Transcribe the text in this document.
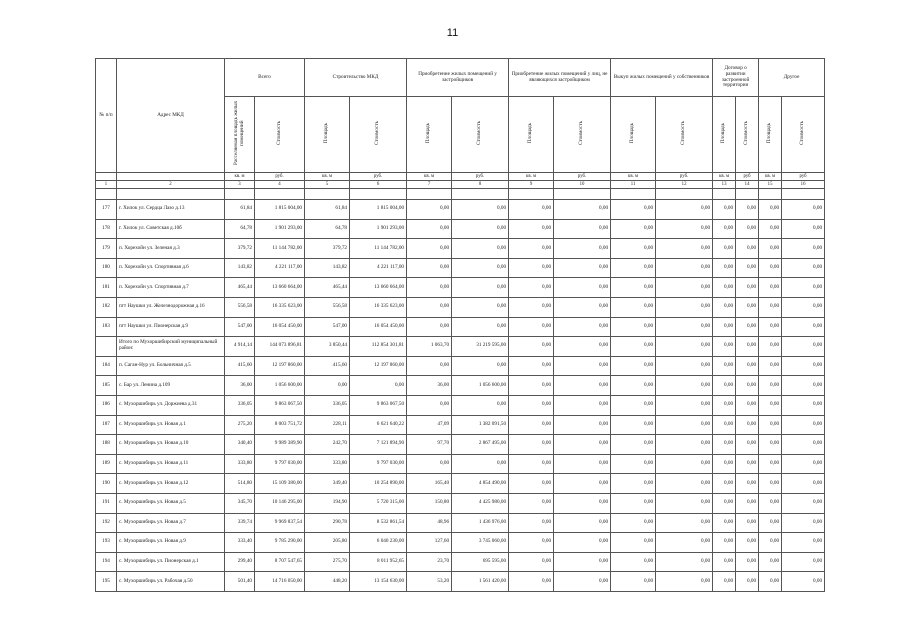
11
№ п/п	Адрес МКД	Всего		Строительство МКД		Приобретение жилых помещений у застройщиков		Приобретение жилых помещений у лиц, не являющихся застройщиком		Выкуп жилых помещений у собственников		Договор о развитии застроенной территории		Другое	
		Расселяемая площадь жилых помещений	Стоимость	Площадь	Стоимость	Площадь	Стоимость	Площадь	Стоимость	Площадь	Стоимость	Площадь	Стоимость	Площадь	Стоимость
		кв. м	руб.	кв. м	руб.	кв. м	руб.	кв. м	руб.	кв. м	руб.	кв. м	руб	кв. м	руб
1	2	3	4	5	6	7	8	9	10	11	12	13	14	15	16

177	г. Хилок ул. Сердца Лазо д.13	61,84	1 815 004,00	61,84	1 815 004,00	0,00	0,00	0,00	0,00	0,00	0,00	0,00	0,00	0,00	0,00
178	г. Хилок ул. Советская д.10б	64,78	1 901 293,00	64,78	1 901 293,00	0,00	0,00	0,00	0,00	0,00	0,00	0,00	0,00	0,00	0,00
179	п. Хорехойн ул. Зеленая д.3	379,72	11 144 782,00	379,72	11 144 782,00	0,00	0,00	0,00	0,00	0,00	0,00	0,00	0,00	0,00	0,00
180	п. Хорехойн ул. Спортивная д.6	143,82	4 221 117,00	143,82	4 221 117,00	0,00	0,00	0,00	0,00	0,00	0,00	0,00	0,00	0,00	0,00
181	п. Хорехойн ул. Спортивная д.7	465,44	13 660 664,00	465,44	13 660 664,00	0,00	0,00	0,00	0,00	0,00	0,00	0,00	0,00	0,00	0,00
182	пгт Наушки ул. Железнодорожная д.16	556,58	16 335 623,00	556,58	16 335 623,00	0,00	0,00	0,00	0,00	0,00	0,00	0,00	0,00	0,00	0,00
183	пгт Наушки ул. Пионерская д.9	547,00	16 054 450,00	547,00	16 054 450,00	0,00	0,00	0,00	0,00	0,00	0,00	0,00	0,00	0,00	0,00
	Итого по Мухоршибирский муниципальный район:	4 914,14	144 073 896,81	3 850,44	112 854 301,81	1 063,70	31 219 595,00	0,00	0,00	0,00	0,00	0,00	0,00	0,00	0,00
184	п. Саган-Нур ул. Больничная д.5	415,60	12 197 860,00	415,60	12 197 860,00	0,00	0,00	0,00	0,00	0,00	0,00	0,00	0,00	0,00	0,00
185	с. Бар ул. Ленина д.109	36,00	1 056 600,00	0,00	0,00	36,00	1 056 600,00	0,00	0,00	0,00	0,00	0,00	0,00	0,00	0,00
186	с. Мухоршибирь ул. Доржиева д.31	336,05	9 863 067,50	336,05	9 863 067,50	0,00	0,00	0,00	0,00	0,00	0,00	0,00	0,00	0,00	0,00
187	с. Мухоршибирь ул. Новая д.1	275,20	8 003 751,72	228,11	6 621 640,22	47,09	1 382 091,50	0,00	0,00	0,00	0,00	0,00	0,00	0,00	0,00
188	с. Мухоршибирь ул. Новая д.10	340,40	9 989 389,90	242,70	7 121 894,90	97,70	2 867 495,00	0,00	0,00	0,00	0,00	0,00	0,00	0,00	0,00
189	с. Мухоршибирь ул. Новая д.11	333,80	9 797 030,00	333,80	9 797 030,00	0,00	0,00	0,00	0,00	0,00	0,00	0,00	0,00	0,00	0,00
190	с. Мухоршибирь ул. Новая д.12	514,80	15 109 380,00	349,40	10 254 890,00	165,40	4 854 490,00	0,00	0,00	0,00	0,00	0,00	0,00	0,00	0,00
191	с. Мухоршибирь ул. Новая д.5	345,70	10 146 295,00	194,90	5 720 315,00	150,80	4 425 980,00	0,00	0,00	0,00	0,00	0,00	0,00	0,00	0,00
192	с. Мухоршибирь ул. Новая д.7	339,74	9 969 837,54	290,78	8 532 861,54	48,96	1 436 976,00	0,00	0,00	0,00	0,00	0,00	0,00	0,00	0,00
193	с. Мухоршибирь ул. Новая д.9	333,40	9 785 290,00	205,80	6 040 230,00	127,60	3 745 060,00	0,00	0,00	0,00	0,00	0,00	0,00	0,00	0,00
194	с. Мухоршибирь ул. Пионерская д.1	299,40	8 707 547,65	275,70	8 011 952,65	23,70	695 595,00	0,00	0,00	0,00	0,00	0,00	0,00	0,00	0,00
195	с. Мухоршибирь ул. Рабочая д.50	501,40	14 716 050,00	448,20	13 154 630,00	53,20	1 561 420,00	0,00	0,00	0,00	0,00	0,00	0,00	0,00	0,00
